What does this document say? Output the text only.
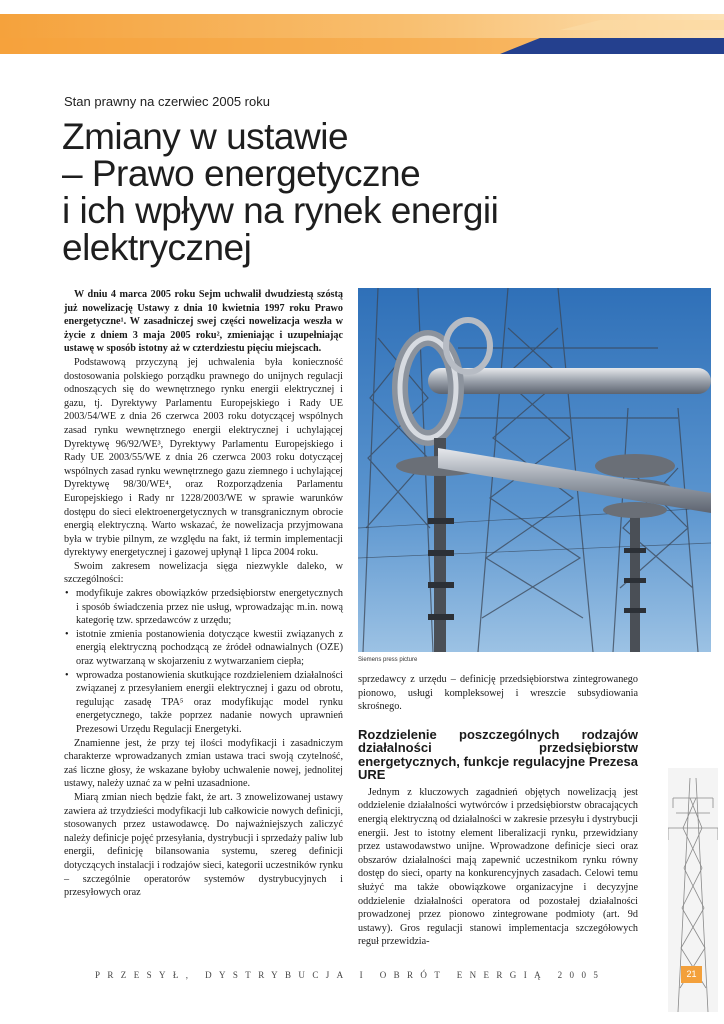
Stan prawny na czerwiec 2005 roku
Zmiany w ustawie
– Prawo energetyczne
i ich wpływ na rynek energii
elektrycznej

W dniu 4 marca 2005 roku Sejm uchwalił dwudziestą szóstą już nowelizację Ustawy z dnia 10 kwietnia 1997 roku Prawo energetyczne¹. W zasadniczej swej części nowelizacja weszła w życie z dniem 3 maja 2005 roku², zmieniając i uzupełniając ustawę w sposób istotny aż w czterdziestu pięciu miejscach.

Podstawową przyczyną jej uchwalenia była konieczność dostosowania polskiego porządku prawnego do unijnych regulacji odnoszących się do wewnętrznego rynku energii elektrycznej i gazu, tj. Dyrektywy Parlamentu Europejskiego i Rady UE 2003/54/WE z dnia 26 czerwca 2003 roku dotyczącej wspólnych zasad rynku wewnętrznego energii elektrycznej i uchylającej Dyrektywę 96/92/WE³, Dyrektywy Parlamentu Europejskiego i Rady UE 2003/55/WE z dnia 26 czerwca 2003 roku dotyczącej wspólnych zasad rynku wewnętrznego gazu ziemnego i uchylającej Dyrektywę 98/30/WE⁴, oraz Rozporządzenia Parlamentu Europejskiego i Rady nr 1228/2003/WE w sprawie warunków dostępu do sieci elektroenergetycznych w transgranicznym obrocie energią elektryczną. Warto wskazać, że nowelizacja przyjmowana była w trybie pilnym, ze względu na fakt, iż termin implementacji dyrektywy energetycznej i gazowej upłynął 1 lipca 2004 roku.

Swoim zakresem nowelizacja sięga niezwykle daleko, w szczególności:

• modyfikuje zakres obowiązków przedsiębiorstw energetycznych i sposób świadczenia przez nie usług, wprowadzając m.in. nową kategorię tzw. sprzedawców z urzędu;
• istotnie zmienia postanowienia dotyczące kwestii związanych z energią elektryczną pochodzącą ze źródeł odnawialnych (OZE) oraz wytwarzaną w skojarzeniu z wytwarzaniem ciepła;
• wprowadza postanowienia skutkujące rozdzieleniem działalności związanej z przesyłaniem energii elektrycznej i gazu od obrotu, regulując zasadę TPA⁵ oraz modyfikując model rynku energetycznego, także poprzez nadanie nowych uprawnień Prezesowi Urzędu Regulacji Energetyki.

Znamienne jest, że przy tej ilości modyfikacji i zasadniczym charakterze wprowadzanych zmian ustawa traci swoją czytelność, zaś liczne głosy, że wskazane byłoby uchwalenie nowej, jednolitej ustawy, należy uznać za w pełni uzasadnione.

Miarą zmian niech będzie fakt, że art. 3 znowelizowanej ustawy zawiera aż trzydzieści modyfikacji lub całkowicie nowych definicji, stosowanych przez ustawodawcę. Do najważniejszych zaliczyć należy definicje pojęć przesyłania, dystrybucji i sprzedaży paliw lub energii, definicję bilansowania systemu, szereg definicji dotyczących instalacji i rodzajów sieci, kategorii uczestników rynku – szczególnie operatorów systemów dystrybucyjnych i przesyłowych oraz

Siemens press picture

sprzedawcy z urzędu – definicję przedsiębiorstwa zintegrowanego pionowo, usługi kompleksowej i wreszcie subsydiowania skrośnego.

Rozdzielenie poszczególnych rodzajów działalności przedsiębiorstw energetycznych, funkcje regulacyjne Prezesa URE

Jednym z kluczowych zagadnień objętych nowelizacją jest oddzielenie działalności wytwórców i przedsiębiorstw obracających energią elektryczną od działalności w zakresie przesyłu i dystrybucji energii. Jest to istotny element liberalizacji rynku, przewidziany przez ustawodawstwo unijne. Wprowadzone definicje sieci oraz obszarów działalności mają zapewnić uczestnikom rynku równy dostęp do sieci, oparty na konkurencyjnych zasadach. Celowi temu służyć ma także obowiązkowe organizacyjne i decyzyjne oddzielenie działalności operatora od pozostałej działalności prowadzonej przez pionowo zintegrowane podmioty (art. 9d ustawy). Gros regulacji stanowi implementacja szczegółowych reguł przewidzia-

PRZESYŁ, DYSTRYBUCJA I OBRÓT ENERGIĄ 2005	21
